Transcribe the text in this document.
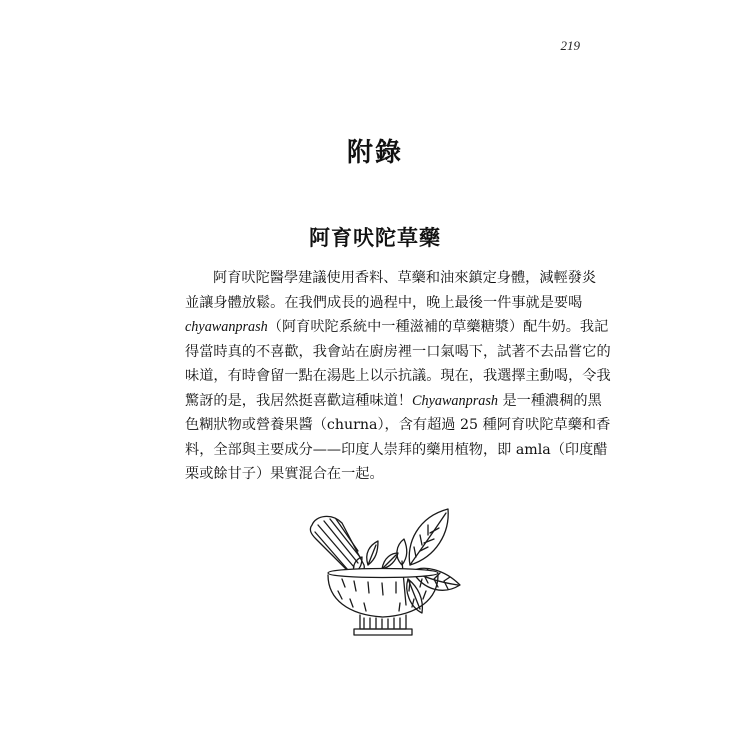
219
附錄
阿育吠陀草藥
阿育吠陀醫學建議使用香料、草藥和油來鎮定身體，減輕發炎
並讓身體放鬆。在我們成長的過程中，晚上最後一件事就是要喝
chyawanprash（阿育吠陀系統中一種滋補的草藥糖漿）配牛奶。我記
得當時真的不喜歡，我會站在廚房裡一口氣喝下，試著不去品嘗它的
味道，有時會留一點在湯匙上以示抗議。現在，我選擇主動喝，令我
驚訝的是，我居然挺喜歡這種味道！Chyawanprash 是一種濃稠的黑
色糊狀物或營養果醬（churna），含有超過 25 種阿育吠陀草藥和香
料，全部與主要成分——印度人崇拜的藥用植物，即 amla（印度醋
栗或餘甘子）果實混合在一起。
